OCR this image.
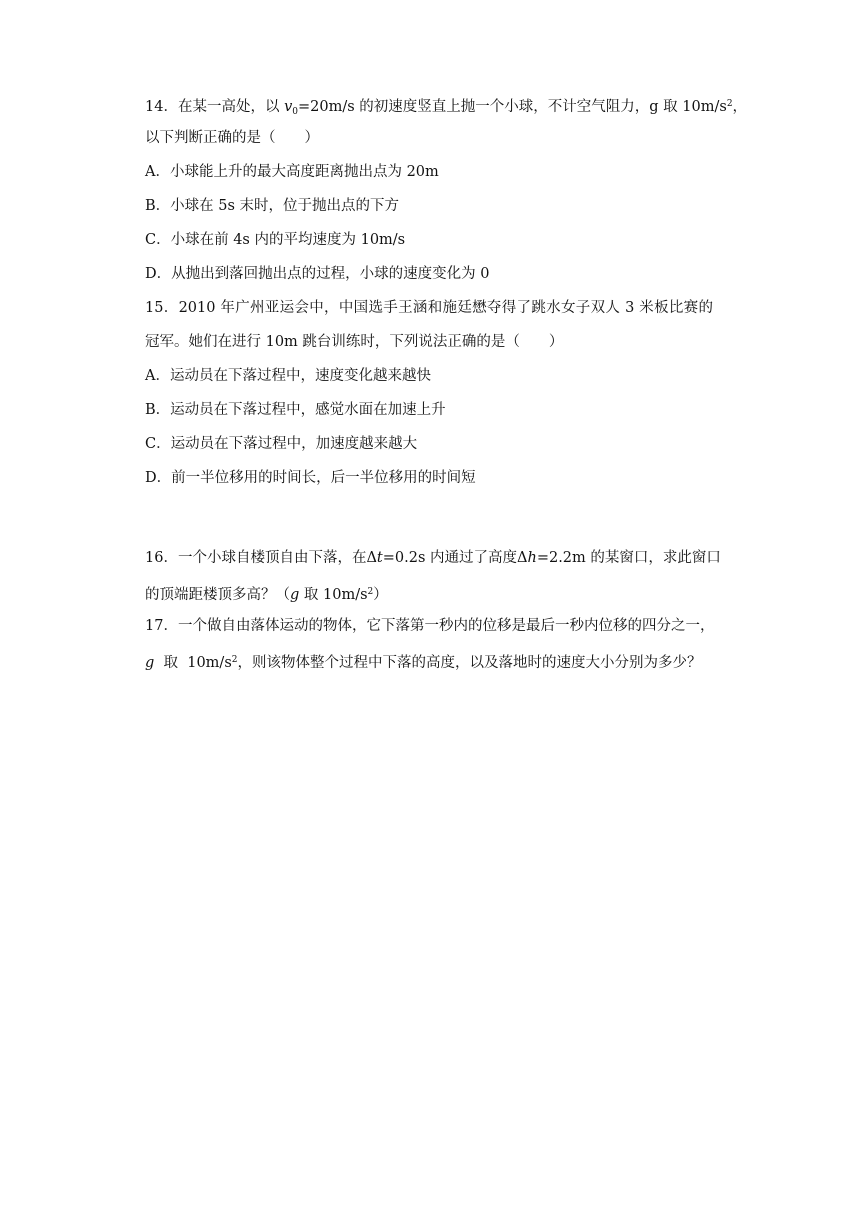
14．在某一高处，以 $v_0=20m/s$ 的初速度竖直上抛一个小球，不计空气阻力，g 取 $10m/s^2$，
以下判断正确的是（　　）
A．小球能上升的最大高度距离抛出点为 20m
B．小球在 5s 末时，位于抛出点的下方
C．小球在前 4s 内的平均速度为 10m/s
D．从抛出到落回抛出点的过程，小球的速度变化为 0
15．2010 年广州亚运会中，中国选手王涵和施廷懋夺得了跳水女子双人 3 米板比赛的
冠军。她们在进行 10m 跳台训练时，下列说法正确的是（　　）
A．运动员在下落过程中，速度变化越来越快
B．运动员在下落过程中，感觉水面在加速上升
C．运动员在下落过程中，加速度越来越大
D．前一半位移用的时间长，后一半位移用的时间短
16．一个小球自楼顶自由下落，在Δt=0.2s 内通过了高度Δh=2.2m 的某窗口，求此窗口
的顶端距楼顶多高？（g 取 $10m/s^2$）
17．一个做自由落体运动的物体，它下落第一秒内的位移是最后一秒内位移的四分之一，
g  取  $10m/s^2$，则该物体整个过程中下落的高度，以及落地时的速度大小分别为多少？
